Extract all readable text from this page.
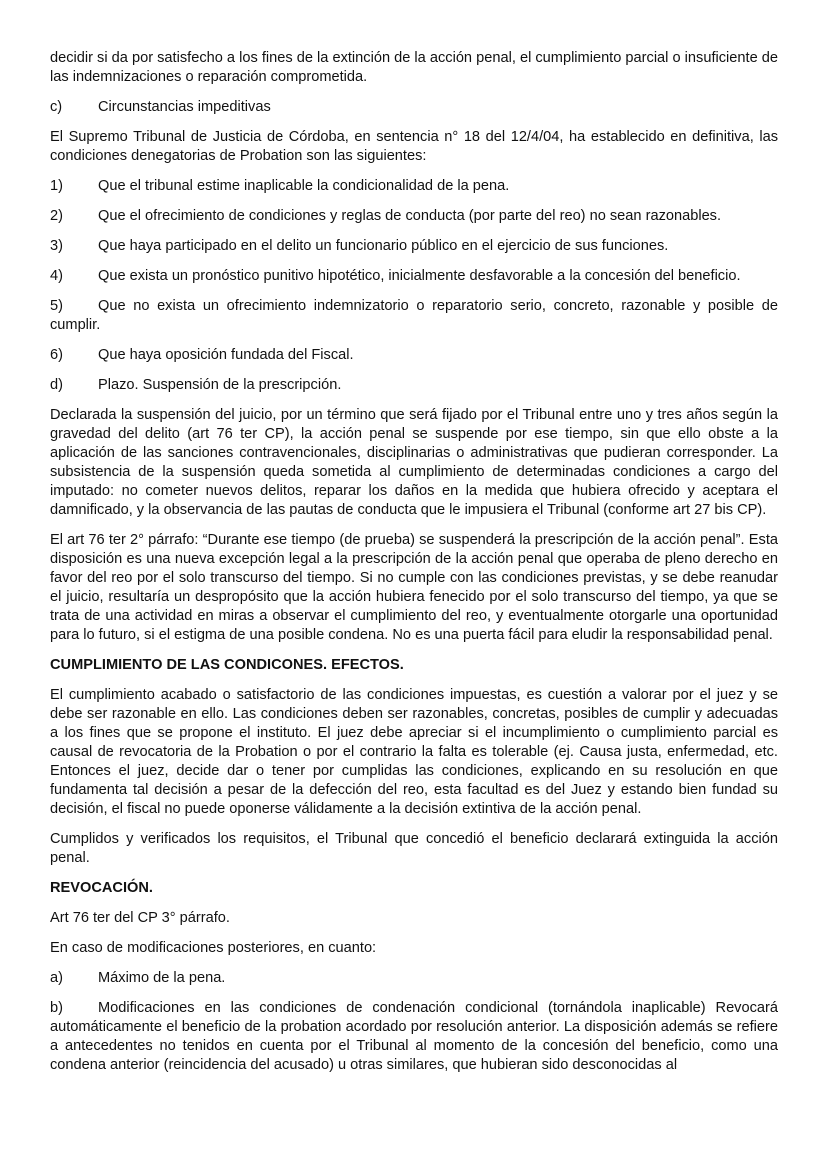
decidir si da por satisfecho a los fines de la extinción de la acción penal, el cumplimiento parcial o insuficiente de las indemnizaciones o reparación comprometida.

c) Circunstancias impeditivas

El Supremo Tribunal de Justicia de Córdoba, en sentencia n° 18 del 12/4/04, ha establecido en definitiva, las condiciones denegatorias de Probation son las siguientes:

1) Que el tribunal estime inaplicable la condicionalidad de la pena.
2) Que el ofrecimiento de condiciones y reglas de conducta (por parte del reo) no sean razonables.
3) Que haya participado en el delito un funcionario público en el ejercicio de sus funciones.
4) Que exista un pronóstico punitivo hipotético, inicialmente desfavorable a la concesión del beneficio.
5) Que no exista un ofrecimiento indemnizatorio o reparatorio serio, concreto, razonable y posible de cumplir.
6) Que haya oposición fundada del Fiscal.
d) Plazo. Suspensión de la prescripción.

Declarada la suspensión del juicio, por un término que será fijado por el Tribunal entre uno y tres años según la gravedad del delito (art 76 ter CP), la acción penal se suspende por ese tiempo, sin que ello obste a la aplicación de las sanciones contravencionales, disciplinarias o administrativas que pudieran corresponder. La subsistencia de la suspensión queda sometida al cumplimiento de determinadas condiciones a cargo del imputado: no cometer nuevos delitos, reparar los daños en la medida que hubiera ofrecido y aceptara el damnificado, y la observancia de las pautas de conducta que le impusiera el Tribunal (conforme art 27 bis CP).

El art 76 ter 2° párrafo: “Durante ese tiempo (de prueba) se suspenderá la prescripción de la acción penal”. Esta disposición es una nueva excepción legal a la prescripción de la acción penal que operaba de pleno derecho en favor del reo por el solo transcurso del tiempo. Si no cumple con las condiciones previstas, y se debe reanudar el juicio, resultaría un despropósito que la acción hubiera fenecido por el solo transcurso del tiempo, ya que se trata de una actividad en miras a observar el cumplimiento del reo, y eventualmente otorgarle una oportunidad para lo futuro, si el estigma de una posible condena. No es una puerta fácil para eludir la responsabilidad penal.

CUMPLIMIENTO DE LAS CONDICONES. EFECTOS.

El cumplimiento acabado o satisfactorio de las condiciones impuestas, es cuestión a valorar por el juez y se debe ser razonable en ello. Las condiciones deben ser razonables, concretas, posibles de cumplir y adecuadas a los fines que se propone el instituto. El juez debe apreciar si el incumplimiento o cumplimiento parcial es causal de revocatoria de la Probation o por el contrario la falta es tolerable (ej. Causa justa, enfermedad, etc. Entonces el juez, decide dar o tener por cumplidas las condiciones, explicando en su resolución en que fundamenta tal decisión a pesar de la defección del reo, esta facultad es del Juez y estando bien fundad su decisión, el fiscal no puede oponerse válidamente a la decisión extintiva de la acción penal.

Cumplidos y verificados los requisitos, el Tribunal que concedió el beneficio declarará extinguida la acción penal.

REVOCACIÓN.

Art 76 ter del CP 3° párrafo.

En caso de modificaciones posteriores, en cuanto:

a) Máximo de la pena.
b) Modificaciones en las condiciones de condenación condicional (tornándola inaplicable) Revocará automáticamente el beneficio de la probation acordado por resolución anterior. La disposición además se refiere a antecedentes no tenidos en cuenta por el Tribunal al momento de la concesión del beneficio, como una condena anterior (reincidencia del acusado) u otras similares, que hubieran sido desconocidas al
